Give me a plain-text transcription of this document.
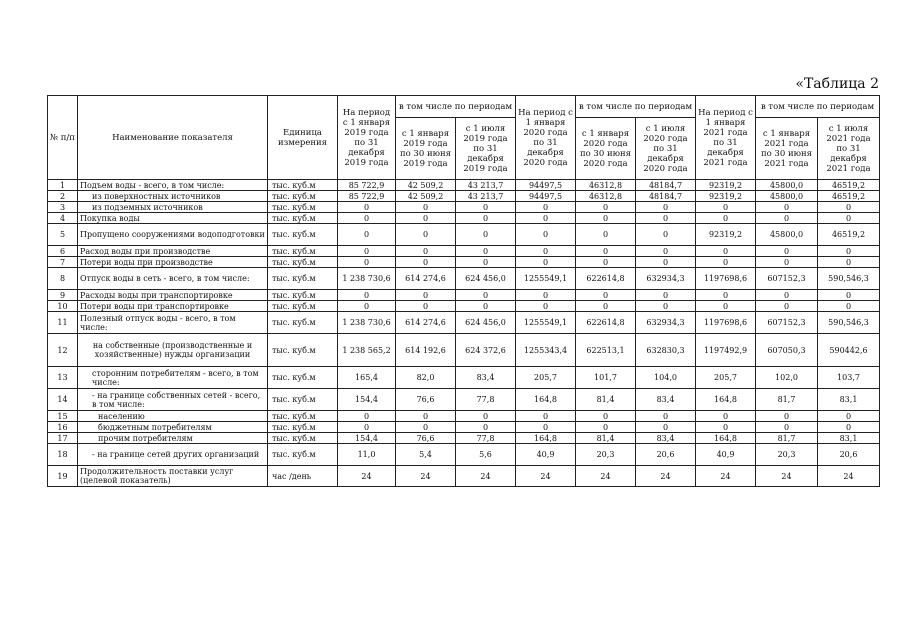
«Таблица 2
№ п/п	Наименование показателя	Единица измерения	На период с 1 января 2019 года по 31 декабря 2019 года	в том числе по периодам		На период с 1 января 2020 года по 31 декабря 2020 года	в том числе по периодам		На период с 1 января 2021 года по 31 декабря 2021 года	в том числе по периодам	
				с 1 января 2019 года по 30 июня 2019 года	с 1 июля 2019 года по 31 декабря 2019 года		с 1 января 2020 года по 30 июня 2020 года	с 1 июля 2020 года по 31 декабря 2020 года		с 1 января 2021 года по 30 июня 2021 года	с 1 июля 2021 года по 31 декабря 2021 года
1	Подъем воды - всего, в том числе:	тыс. куб.м	85 722,9	42 509,2	43 213,7	94497,5	46312,8	48184,7	92319,2	45800,0	46519,2
2	из поверхностных источников	тыс. куб.м	85 722,9	42 509,2	43 213,7	94497,5	46312,8	48184,7	92319,2	45800,0	46519,2
3	из подземных источников	тыс. куб.м	0	0	0	0	0	0	0	0	0
4	Покупка воды	тыс. куб.м	0	0	0	0	0	0	0	0	0
5	Пропущено сооружениями водоподготовки	тыс. куб.м	0	0	0	0	0	0	92319,2	45800,0	46519,2
6	Расход воды при производстве	тыс. куб.м	0	0	0	0	0	0	0	0	0
7	Потери воды при производстве	тыс. куб.м	0	0	0	0	0	0	0	0	0
8	Отпуск воды в сеть - всего, в том числе:	тыс. куб.м	1 238 730,6	614 274,6	624 456,0	1255549,1	622614,8	632934,3	1197698,6	607152,3	590,546,3
9	Расходы воды при транспортировке	тыс. куб.м	0	0	0	0	0	0	0	0	0
10	Потери воды при транспортировке	тыс. куб.м	0	0	0	0	0	0	0	0	0
11	Полезный отпуск воды - всего, в том числе:	тыс. куб.м	1 238 730,6	614 274,6	624 456,0	1255549,1	622614,8	632934,3	1197698,6	607152,3	590,546,3
12	на собственные (производственные и хозяйственные) нужды организации	тыс. куб.м	1 238 565,2	614 192,6	624 372,6	1255343,4	622513,1	632830,3	1197492,9	607050,3	590442,6
13	сторонним потребителям - всего, в том числе:	тыс. куб.м	165,4	82,0	83,4	205,7	101,7	104,0	205,7	102,0	103,7
14	- на границе собственных сетей - всего, в том числе:	тыс. куб.м	154,4	76,6	77,8	164,8	81,4	83,4	164,8	81,7	83,1
15	населению	тыс. куб.м	0	0	0	0	0	0	0	0	0
16	бюджетным потребителям	тыс. куб.м	0	0	0	0	0	0	0	0	0
17	прочим потребителям	тыс. куб.м	154,4	76,6	77,8	164,8	81,4	83,4	164,8	81,7	83,1
18	- на границе сетей других организаций	тыс. куб.м	11,0	5,4	5,6	40,9	20,3	20,6	40,9	20,3	20,6
19	Продолжительность поставки услуг (целевой показатель)	час /день	24	24	24	24	24	24	24	24	24
